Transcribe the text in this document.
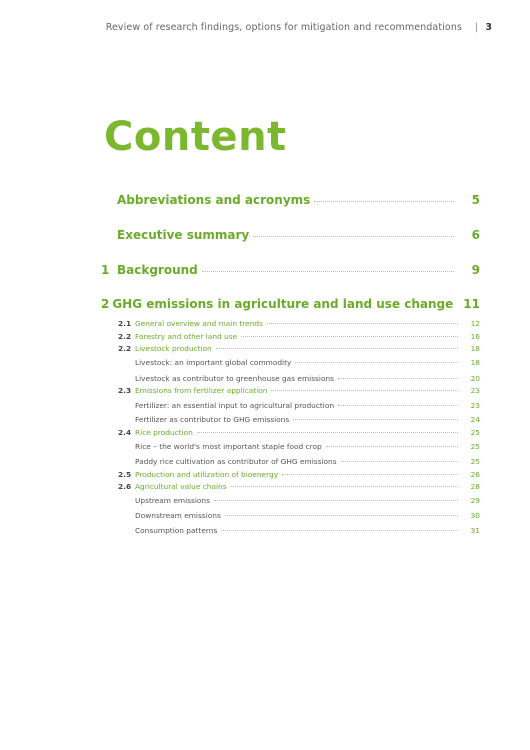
Review of research findings, options for mitigation and recommendations | 3
Content
Abbreviations and acronyms	5
Executive summary	6
1 Background	9
2 GHG emissions in agriculture and land use change 11
2.1 General overview and main trends	12
2.2 Forestry and other land use	16
2.2 Livestock production	18
Livestock: an important global commodity	18
Livestock as contributor to greenhouse gas emissions	20
2.3 Emissions from fertilizer application	23
Fertilizer: an essential input to agricultural production	23
Fertilizer as contributor to GHG emissions	24
2.4 Rice production	25
Rice – the world's most important staple food crop	25
Paddy rice cultivation as contributor of GHG emissions	25
2.5 Production and utilization of bioenergy	26
2.6 Agricultural value chains	28
Upstream emissions	29
Downstream emissions	30
Consumption patterns	31
